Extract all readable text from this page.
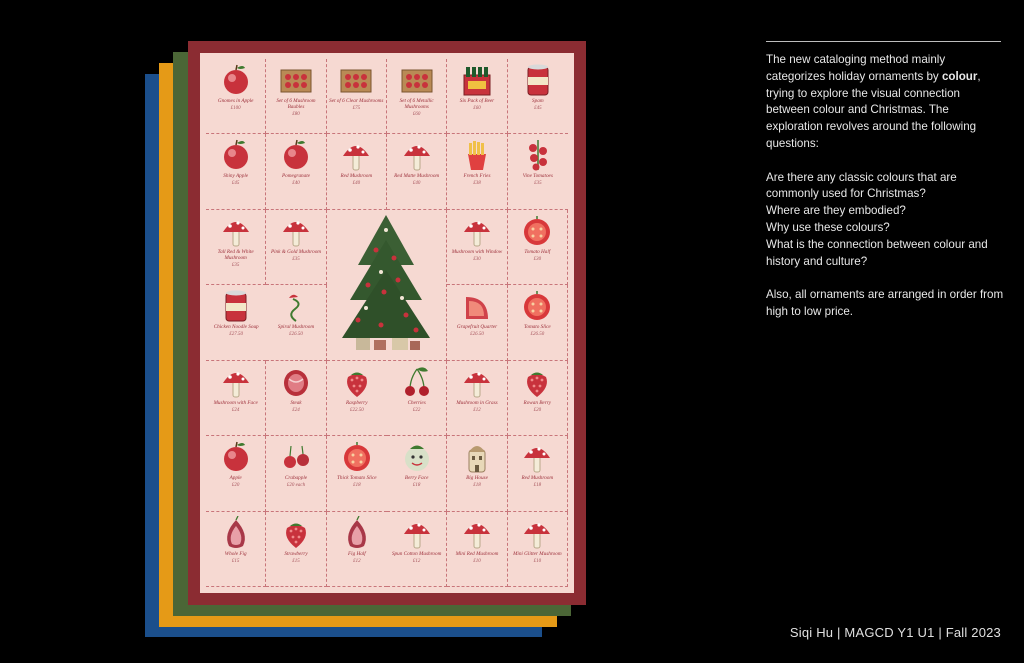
Gnomes in Apple
£100
Set of 6 Mushroom Baubles
£80
Set of 6 Clear Mushrooms
£75
Set of 6 Metallic Mushrooms
£60
Six Pack of Beer
£60
Spam
£45
Shiny Apple
£45
Pomegranate
£40
Red Mushroom
£40
Red Matte Mushroom
£40
French Fries
£38
Vine Tomatoes
£35
Tall Red & White Mushroom
£35
Pink & Gold Mushroom
£35
Mushroom with Window
£30
Tomato Half
£30
Chicken Noodle Soup
£27.50
Spiral Mushroom
£26.50
Grapefruit Quarter
£26.50
Tomato Slice
£26.50
Mushroom with Face
£24
Steak
£24
Raspberry
£22.50
Cherries
£22
Mushroom in Grass
£12
Rowan Berry
£20
Apple
£20
Crabapple
£20 each
Thick Tomato Slice
£18
Berry Face
£18
Big House
£18
Red Mushroom
£18
Whole Fig
£15
Strawberry
£15
Fig Half
£12
Spun Cotton Mushroom
£12
Mini Red Mushroom
£10
Mini Glitter Mushroom
£10

The new cataloging method mainly categorizes holiday ornaments by colour, trying to explore the visual connection between colour and Christmas. The exploration revolves around the following questions:

Are there any classic colours that are commonly used for Christmas?

Where are they embodied?

Why use these colours?

What is the connection between colour and history and culture?

Also, all ornaments are arranged in order from high to low price.

Siqi Hu | MAGCD Y1 U1 | Fall 2023
